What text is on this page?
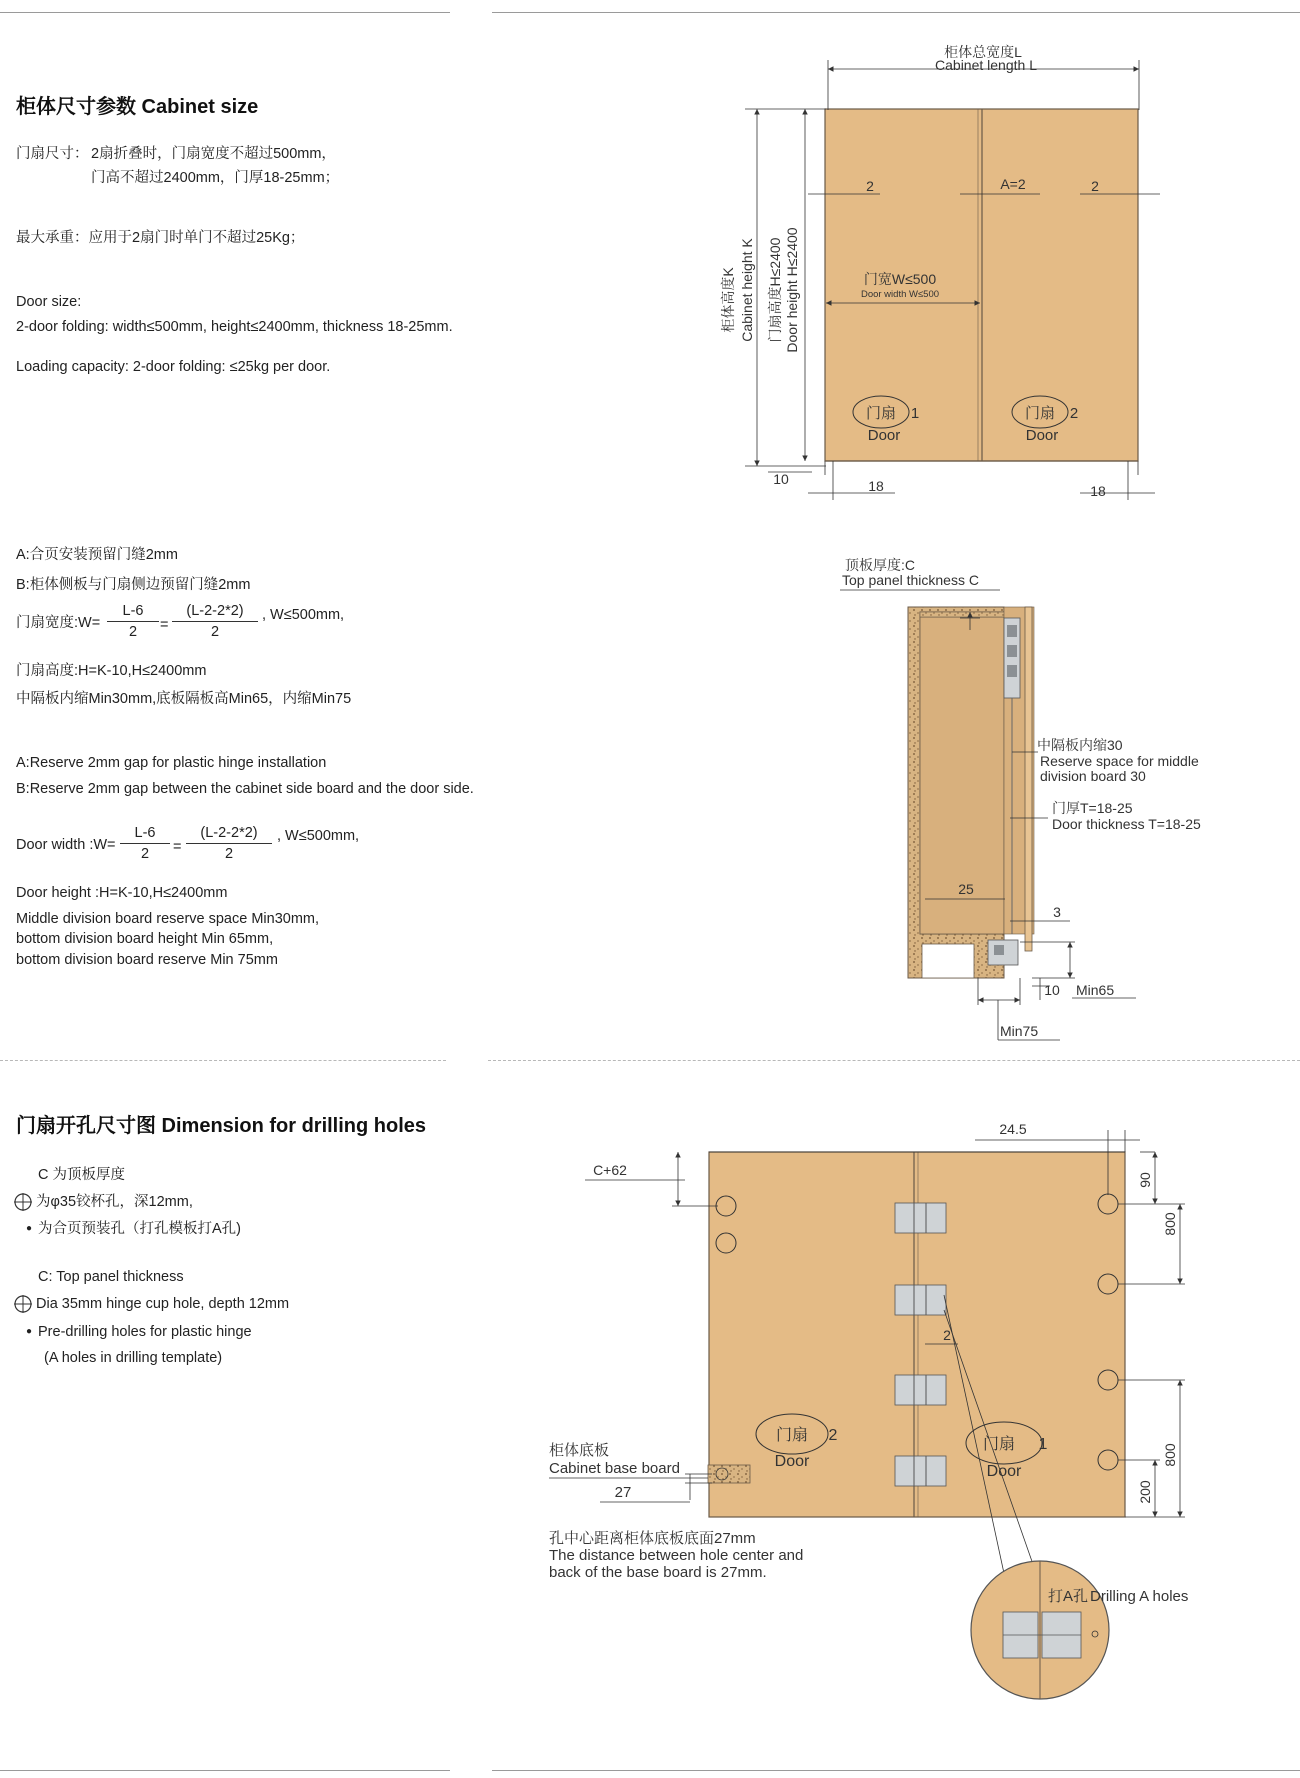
柜体尺寸参数 Cabinet size
门扇尺寸： 2扇折叠时，门扇宽度不超过500mm，
门高不超过2400mm，门厚18-25mm；
最大承重：应用于2扇门时单门不超过25Kg；
Door size:
2-door folding: width≤500mm, height≤2400mm, thickness 18-25mm.
Loading capacity: 2-door folding: ≤25kg per door.
A:合页安装预留门缝2mm
B:柜体侧板与门扇侧边预留门缝2mm
门扇宽度:W= $\frac{L-6}{2} = \frac{(L-2-2*2)}{2}$ , W≤500mm,
门扇高度:H=K-10,H≤2400mm
中隔板内缩Min30mm,底板隔板高Min65，内缩Min75
A:Reserve 2mm gap for plastic hinge installation
B:Reserve 2mm gap between the cabinet side board and the door side.
Door width :W= $\frac{L-6}{2} = \frac{(L-2-2*2)}{2}$ , W≤500mm,
Door height :H=K-10,H≤2400mm
Middle division board reserve space Min30mm,
bottom division board height Min 65mm,
bottom division board reserve Min 75mm
门扇开孔尺寸图 Dimension for drilling holes
C 为顶板厚度
为φ35铰杯孔，深12mm,
● 为合页预装孔（打孔模板打A孔)
C: Top panel thickness
Dia 35mm hinge cup hole, depth 12mm
● Pre-drilling holes for plastic hinge
(A holes in drilling template)
柜体总宽度L
Cabinet length L
2	A=2	2
门宽W≤500
Door width W≤500
柜体高度K Cabinet height K 门扇高度H≤2400 Door height H≤2400
门扇 1
Door
门扇 2
Door
10	18	18
顶板厚度:C
Top panel thickness C
中隔板内缩30
Reserve space for middle
division board 30
门厚T=18-25
Door thickness T=18-25
25
3
10 Min65
Min75
24.5
C+62
90
800
2
800
200
柜体底板
Cabinet base board
27
门扇 2
Door
门扇 1
Door
孔中心距离柜体底板底面27mm
The distance between hole center and
back of the base board is 27mm.
打A孔 Drilling A holes
